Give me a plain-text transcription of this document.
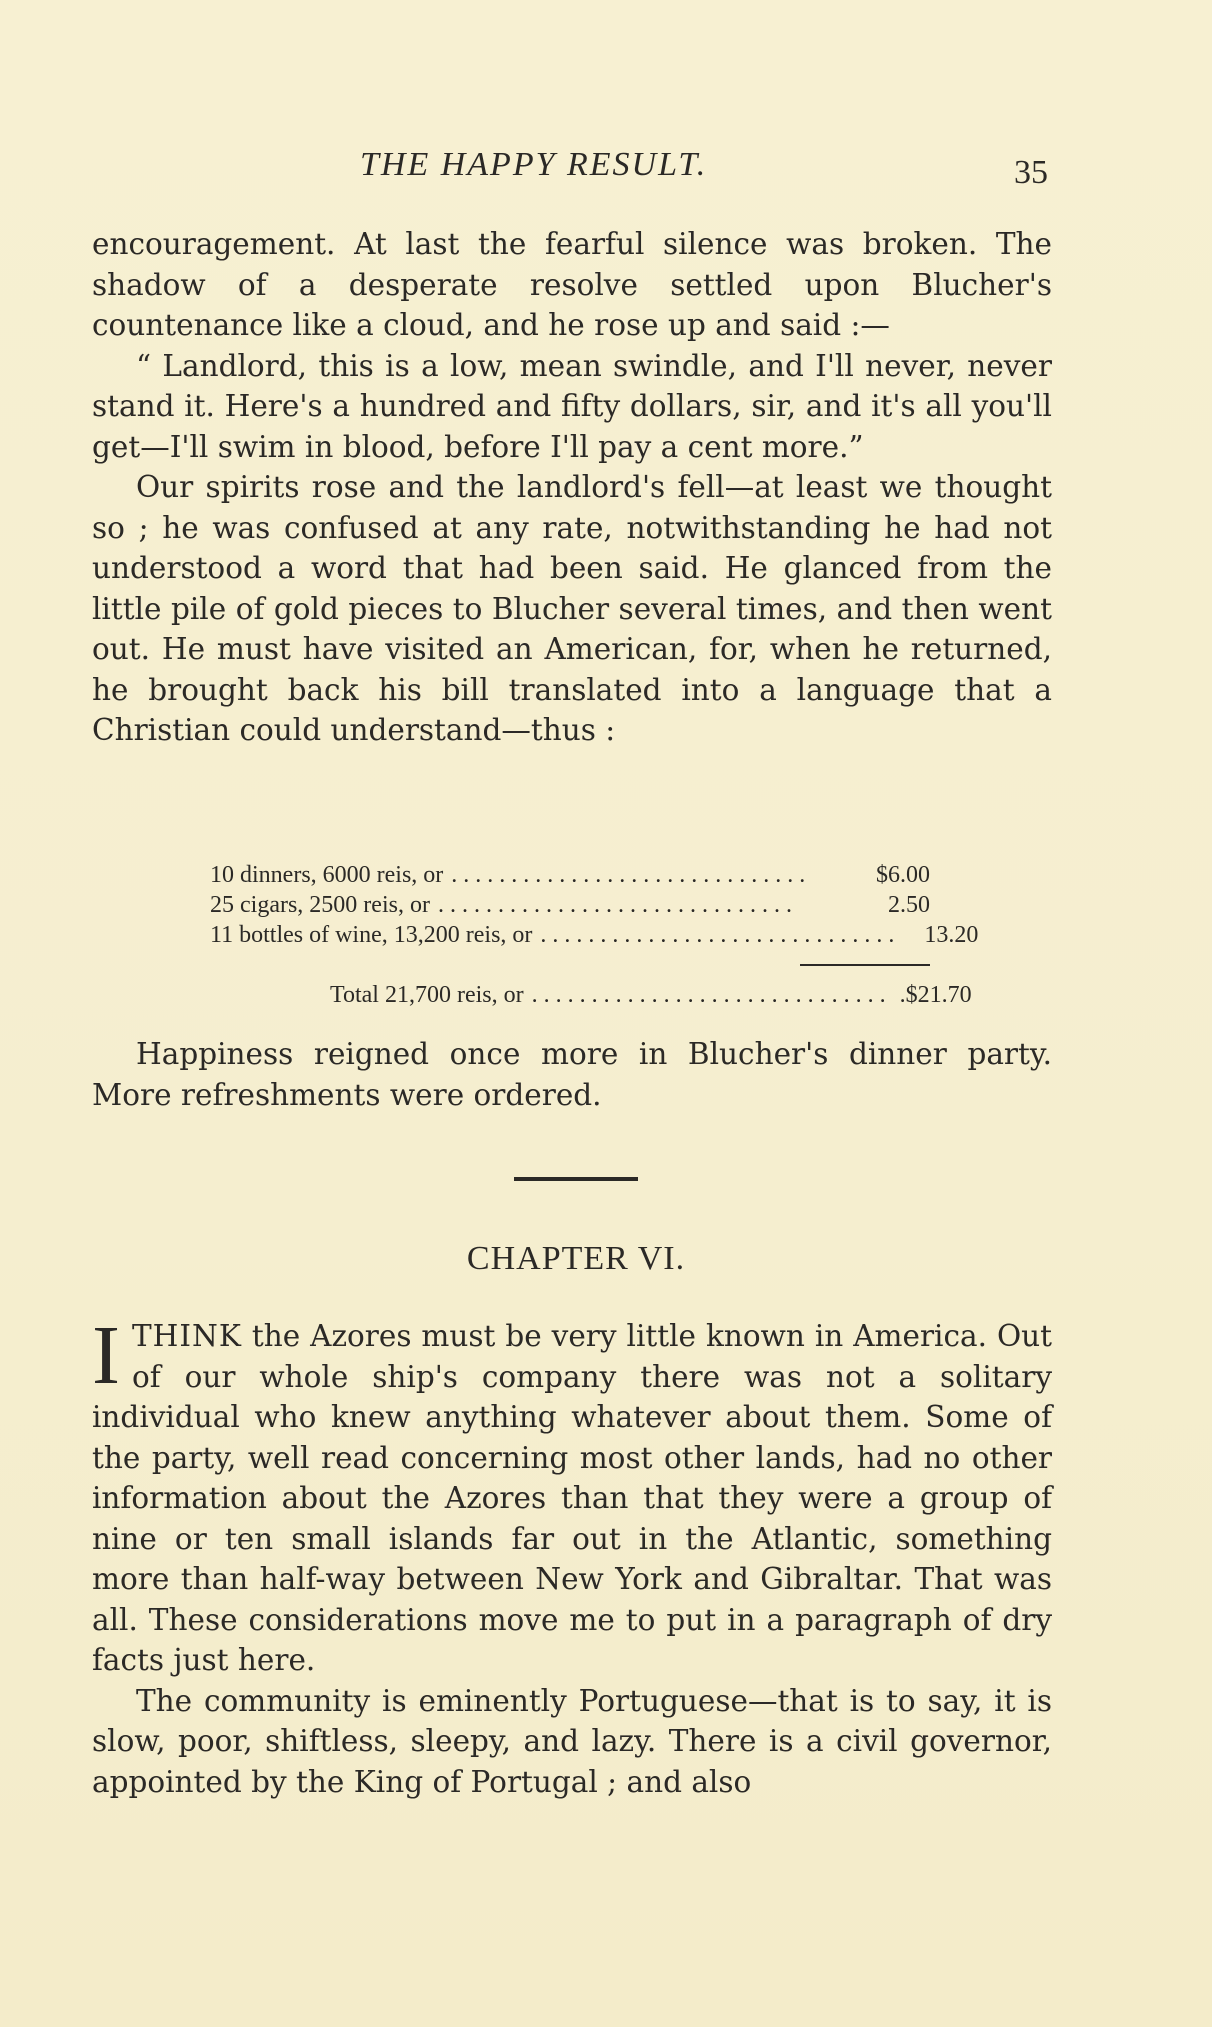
THE HAPPY RESULT.	35

encouragement. At last the fearful silence was broken. The shadow of a desperate resolve settled upon Blucher's countenance like a cloud, and he rose up and said :—

“ Landlord, this is a low, mean swindle, and I'll never, never stand it. Here's a hundred and fifty dollars, sir, and it's all you'll get—I'll swim in blood, before I'll pay a cent more.”

Our spirits rose and the landlord's fell—at least we thought so ; he was confused at any rate, notwithstanding he had not understood a word that had been said. He glanced from the little pile of gold pieces to Blucher several times, and then went out. He must have visited an American, for, when he returned, he brought back his bill translated into a language that a Christian could understand—thus :

10 dinners, 6000 reis, or ..............................	$6.00
25 cigars, 2500 reis, or ..............................	2.50
11 bottles of wine, 13,200 reis, or ..............................	13.20
Total 21,700 reis, or .............................. .$21.70

Happiness reigned once more in Blucher's dinner party. More refreshments were ordered.

CHAPTER VI.

ITHINK the Azores must be very little known in America. Out of our whole ship's company there was not a solitary individual who knew anything whatever about them. Some of the party, well read concerning most other lands, had no other information about the Azores than that they were a group of nine or ten small islands far out in the Atlantic, something more than half-way between New York and Gibraltar. That was all. These considerations move me to put in a paragraph of dry facts just here.

The community is eminently Portuguese—that is to say, it is slow, poor, shiftless, sleepy, and lazy. There is a civil governor, appointed by the King of Portugal ; and also
